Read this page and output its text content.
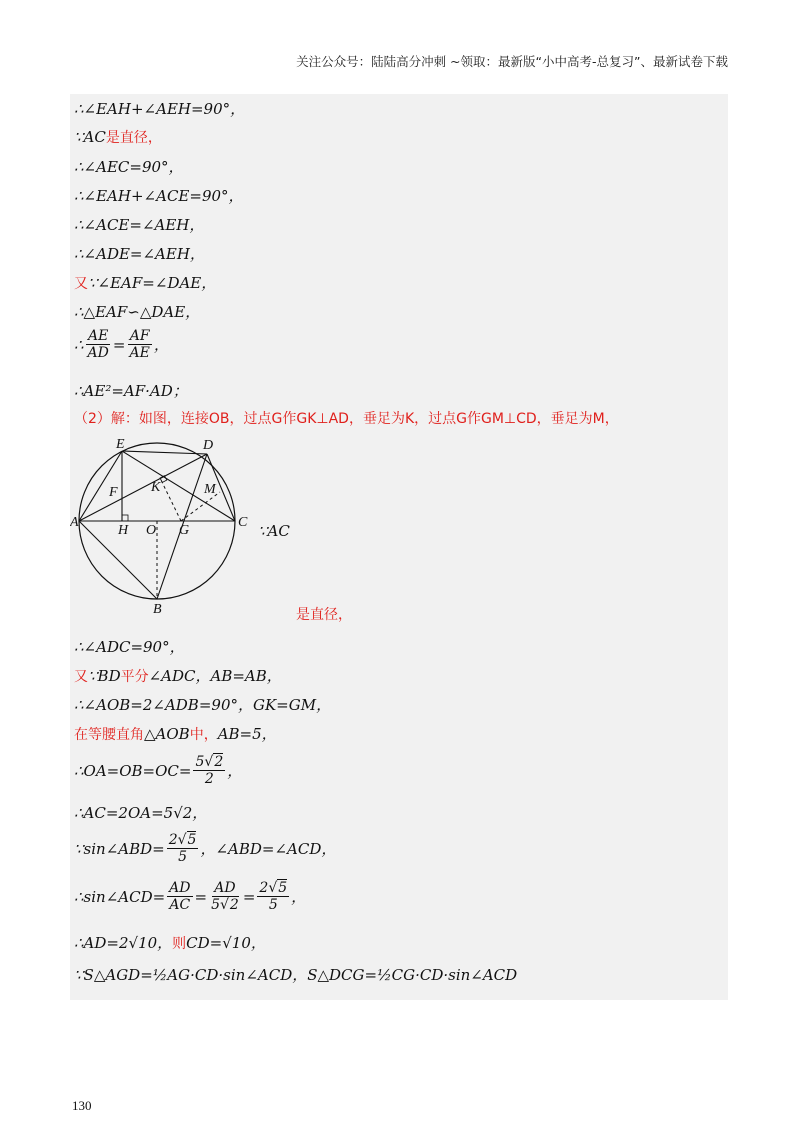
关注公众号：陆陆高分冲刺 ~领取：最新版“小中高考-总复习”、最新试卷下载
∴∠EAH+∠AEH=90°，
∵AC 是直径，
∴∠AEC=90°，
∴∠EAH+∠ACE=90°，
∴∠ACE=∠AEH，
∴∠ADE=∠AEH，
又 ∵∠EAF=∠DAE，
∴△EAF∽△DAE，
∴ $\frac{AE}{AD} = \frac{AF}{AE}$ ，
∴AE²=AF·AD；
（2）解：如图，连接OB，过点G作GK⊥AD，垂足为K，过点G作GM⊥CD，垂足为M，
E	D
F K	M
A
H O G
C
B
∵AC
是直径，
∴∠ADC=90°，
又 ∵BD 平分 ∠ADC，AB=AB，
∴∠AOB=2∠ADB=90°，GK=GM，
在等腰直角 △AOB 中， AB=5，
∴OA=OB=OC= $\frac{5√2}{2}$ ，
∴AC=2OA=5√2，
∵sin∠ABD= $\frac{2√5}{5}$ ，∠ABD=∠ACD，
∴sin∠ACD= $\frac{AD}{AC} = \frac{AD}{5√2} = \frac{2√5}{5}$ ，
∴AD=2√10， 则 CD=√10，
∵S△AGD=½AG·CD·sin∠ACD，S△DCG=½CG·CD·sin∠ACD
130
